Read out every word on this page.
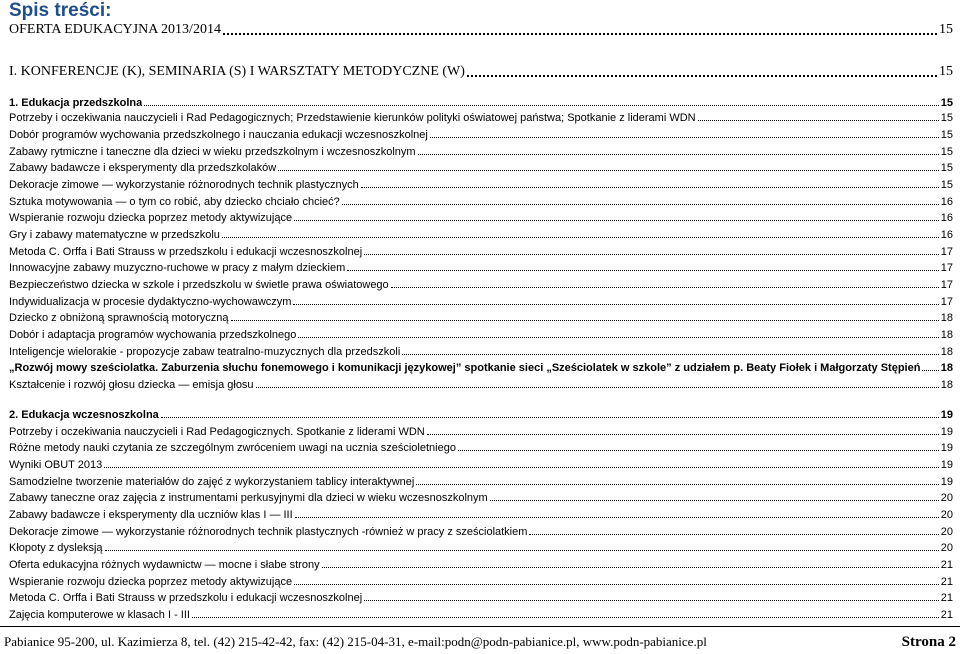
Spis treści:
OFERTA EDUKACYJNA 2013/2014	15
I. KONFERENCJE (K), SEMINARIA (S) I WARSZTATY METODYCZNE (W)	15
1. Edukacja przedszkolna	15
Potrzeby i oczekiwania nauczycieli i Rad Pedagogicznych; Przedstawienie kierunków polityki oświatowej państwa; Spotkanie z liderami WDN	15
Dobór programów wychowania przedszkolnego i nauczania edukacji wczesnoszkolnej	15
Zabawy rytmiczne i taneczne dla dzieci w wieku przedszkolnym i wczesnoszkolnym	15
Zabawy badawcze i eksperymenty dla przedszkolaków	15
Dekoracje zimowe — wykorzystanie różnorodnych technik plastycznych	15
Sztuka motywowania — o tym co robić, aby dziecko chciało chcieć?	16
Wspieranie rozwoju dziecka poprzez metody aktywizujące	16
Gry i zabawy matematyczne w przedszkolu	16
Metoda C. Orffa i Bati Strauss w przedszkolu i edukacji wczesnoszkolnej	17
Innowacyjne zabawy muzyczno-ruchowe w pracy z małym dzieckiem	17
Bezpieczeństwo dziecka w szkole i przedszkolu w świetle prawa oświatowego	17
Indywidualizacja w procesie dydaktyczno-wychowawczym	17
Dziecko z obniżoną sprawnością motoryczną	18
Dobór i adaptacja programów wychowania przedszkolnego	18
Inteligencje wielorakie - propozycje zabaw teatralno-muzycznych dla przedszkoli	18
„Rozwój mowy sześciolatka. Zaburzenia słuchu fonemowego i komunikacji językowej” spotkanie sieci „Sześciolatek w szkole” z udziałem p. Beaty Fiołek i Małgorzaty Stępień 18
Kształcenie i rozwój głosu dziecka — emisja głosu	18
2. Edukacja wczesnoszkolna	19
Potrzeby i oczekiwania nauczycieli i Rad Pedagogicznych. Spotkanie z liderami WDN	19
Różne metody nauki czytania ze szczególnym zwróceniem uwagi na ucznia sześcioletniego	19
Wyniki OBUT 2013	19
Samodzielne tworzenie materiałów do zajęć z wykorzystaniem tablicy interaktywnej	19
Zabawy taneczne oraz zajęcia z instrumentami perkusyjnymi dla dzieci w wieku wczesnoszkolnym	20
Zabawy badawcze i eksperymenty dla uczniów klas I — III	20
Dekoracje zimowe — wykorzystanie różnorodnych technik plastycznych -również w pracy z sześciolatkiem	20
Kłopoty z dysleksją	20
Oferta edukacyjna różnych wydawnictw — mocne i słabe strony	21
Wspieranie rozwoju dziecka poprzez metody aktywizujące	21
Metoda C. Orffa i Bati Strauss w przedszkolu i edukacji wczesnoszkolnej	21
Zajęcia komputerowe w klasach I - III	21
Pabianice 95-200, ul. Kazimierza 8, tel. (42) 215-42-42, fax: (42) 215-04-31, e-mail:podn@podn-pabianice.pl, www.podn-pabianice.pl	Strona 2
